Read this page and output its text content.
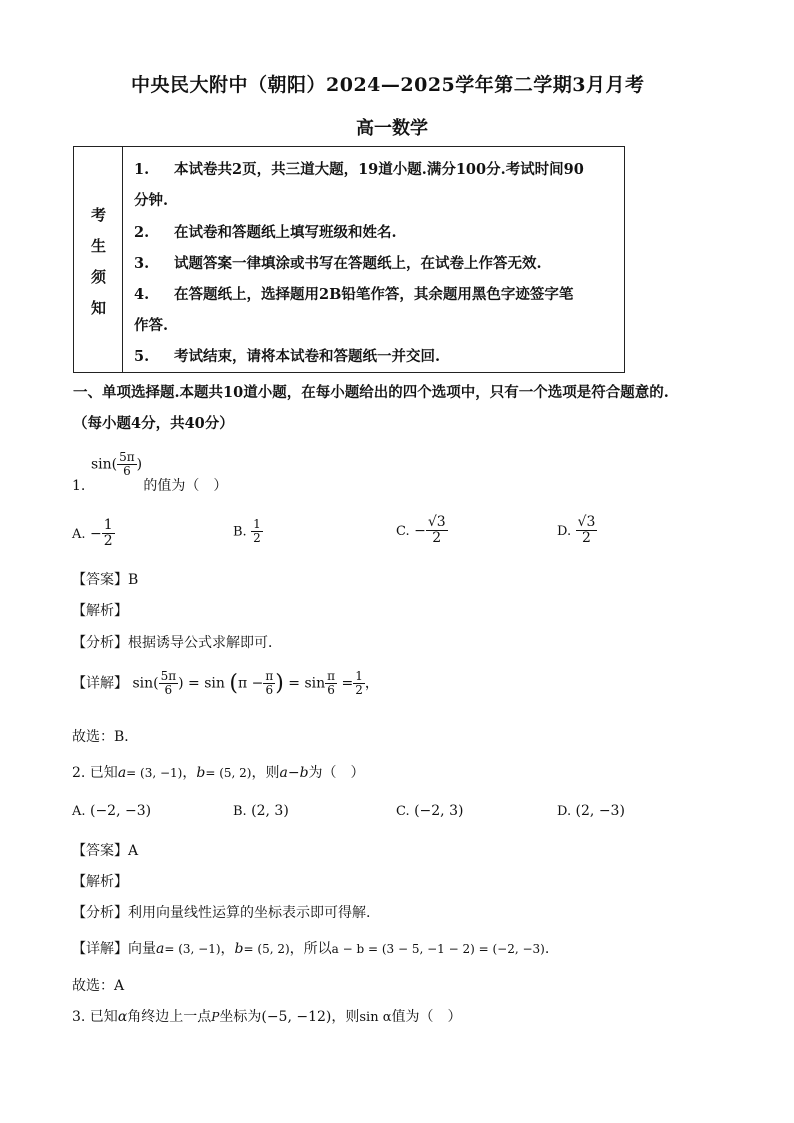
中央民大附中（朝阳）2024—2025学年第二学期3月月考
高一数学
考
生
须
知
1. 本试卷共2页，共三道大题，19道小题.满分100分.考试时间90
分钟.
2. 在试卷和答题纸上填写班级和姓名.
3. 试题答案一律填涂或书写在答题纸上，在试卷上作答无效.
4. 在答题纸上，选择题用2B铅笔作答，其余题用黑色字迹签字笔
作答.
5. 考试结束，请将本试卷和答题纸一并交回.
一、单项选择题.本题共10道小题，在每小题给出的四个选项中，只有一个选项是符合题意的.
（每小题4分，共40分）
$\sin( \frac{5\pi}{6}$ )
1.	的值为（　）
A. − $\frac{1}{2}$	B. $\frac{1}{2}$	C. − $\frac{√3}{2}$	D. $\frac{√3}{2}$
【答案】B
【解析】
【分析】根据诱导公式求解即可．
【详解】 $\sin( \frac{5\pi}{6}$ ) = $\sin (\pi - \frac{\pi}{6}$ ) = $\sin \frac{\pi}{6} = \frac{1}{2}$ ，
故选：B．
2. 已知a= (3, −1)，b= (5, 2)，则a−b为（　）
A. (−2, −3)	B. (2, 3)	C. (−2, 3)	D. (2, −3)
【答案】A
【解析】
【分析】利用向量线性运算的坐标表示即可得解.
【详解】向量a= (3, −1)，b= (5, 2)，所以a − b = (3 − 5, −1 − 2) = (−2, −3).
故选：A
3. 已知α角终边上一点P坐标为(−5, −12)，则sin α值为（　）
